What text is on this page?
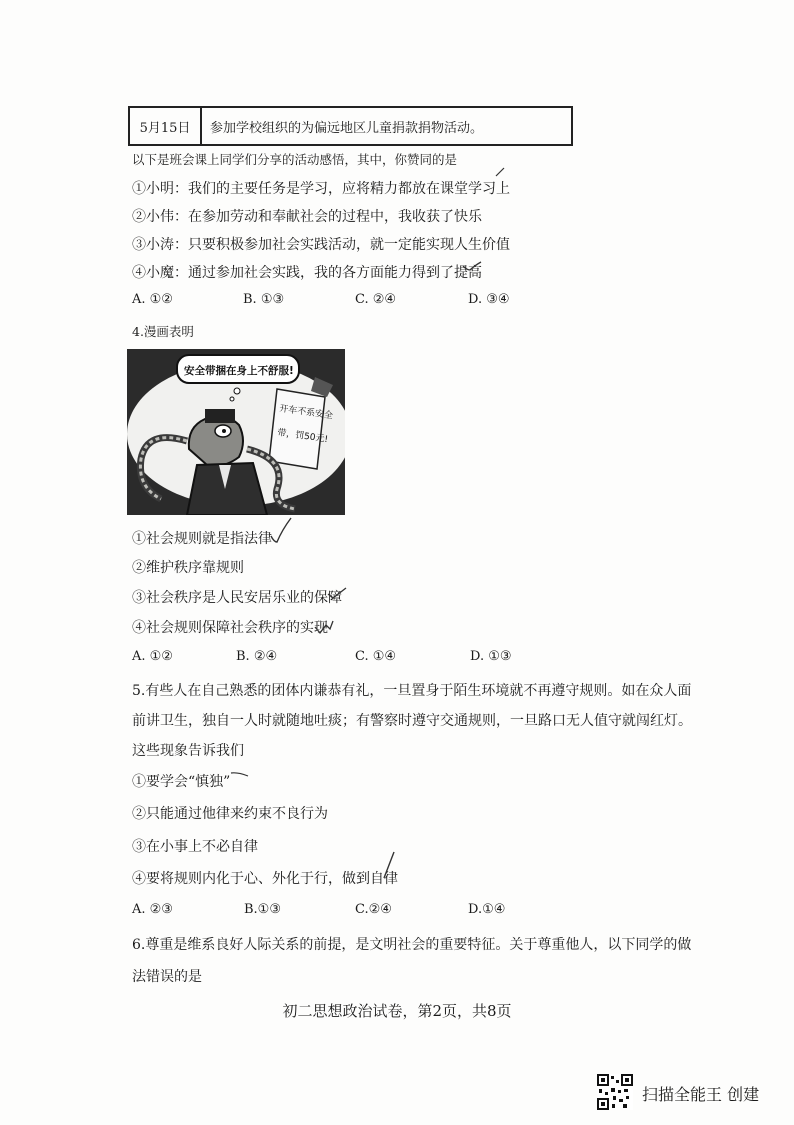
5月15日	参加学校组织的为偏远地区儿童捐款捐物活动。
以下是班会课上同学们分享的活动感悟，其中，你赞同的是
①小明：我们的主要任务是学习，应将精力都放在课堂学习上
②小伟：在参加劳动和奉献社会的过程中，我收获了快乐
③小涛：只要积极参加社会实践活动，就一定能实现人生价值
④小魔：通过参加社会实践，我的各方面能力得到了提高
A. ①②	B. ①③	C. ②④	D. ③④
4.漫画表明
开车不系安全
带，罚50元!
安全带捆在身上不舒服!
①社会规则就是指法律
②维护秩序靠规则
③社会秩序是人民安居乐业的保障
④社会规则保障社会秩序的实现
A. ①②	B. ②④	C. ①④	D. ①③
5.有些人在自己熟悉的团体内谦恭有礼，一旦置身于陌生环境就不再遵守规则。如在众人面
前讲卫生，独自一人时就随地吐痰；有警察时遵守交通规则，一旦路口无人值守就闯红灯。
这些现象告诉我们
①要学会“慎独”
②只能通过他律来约束不良行为
③在小事上不必自律
④要将规则内化于心、外化于行，做到自律
A. ②③	B.①③	C.②④	D.①④
6.尊重是维系良好人际关系的前提，是文明社会的重要特征。关于尊重他人，以下同学的做
法错误的是
初二思想政治试卷，第2页，共8页
扫描全能王 创建
